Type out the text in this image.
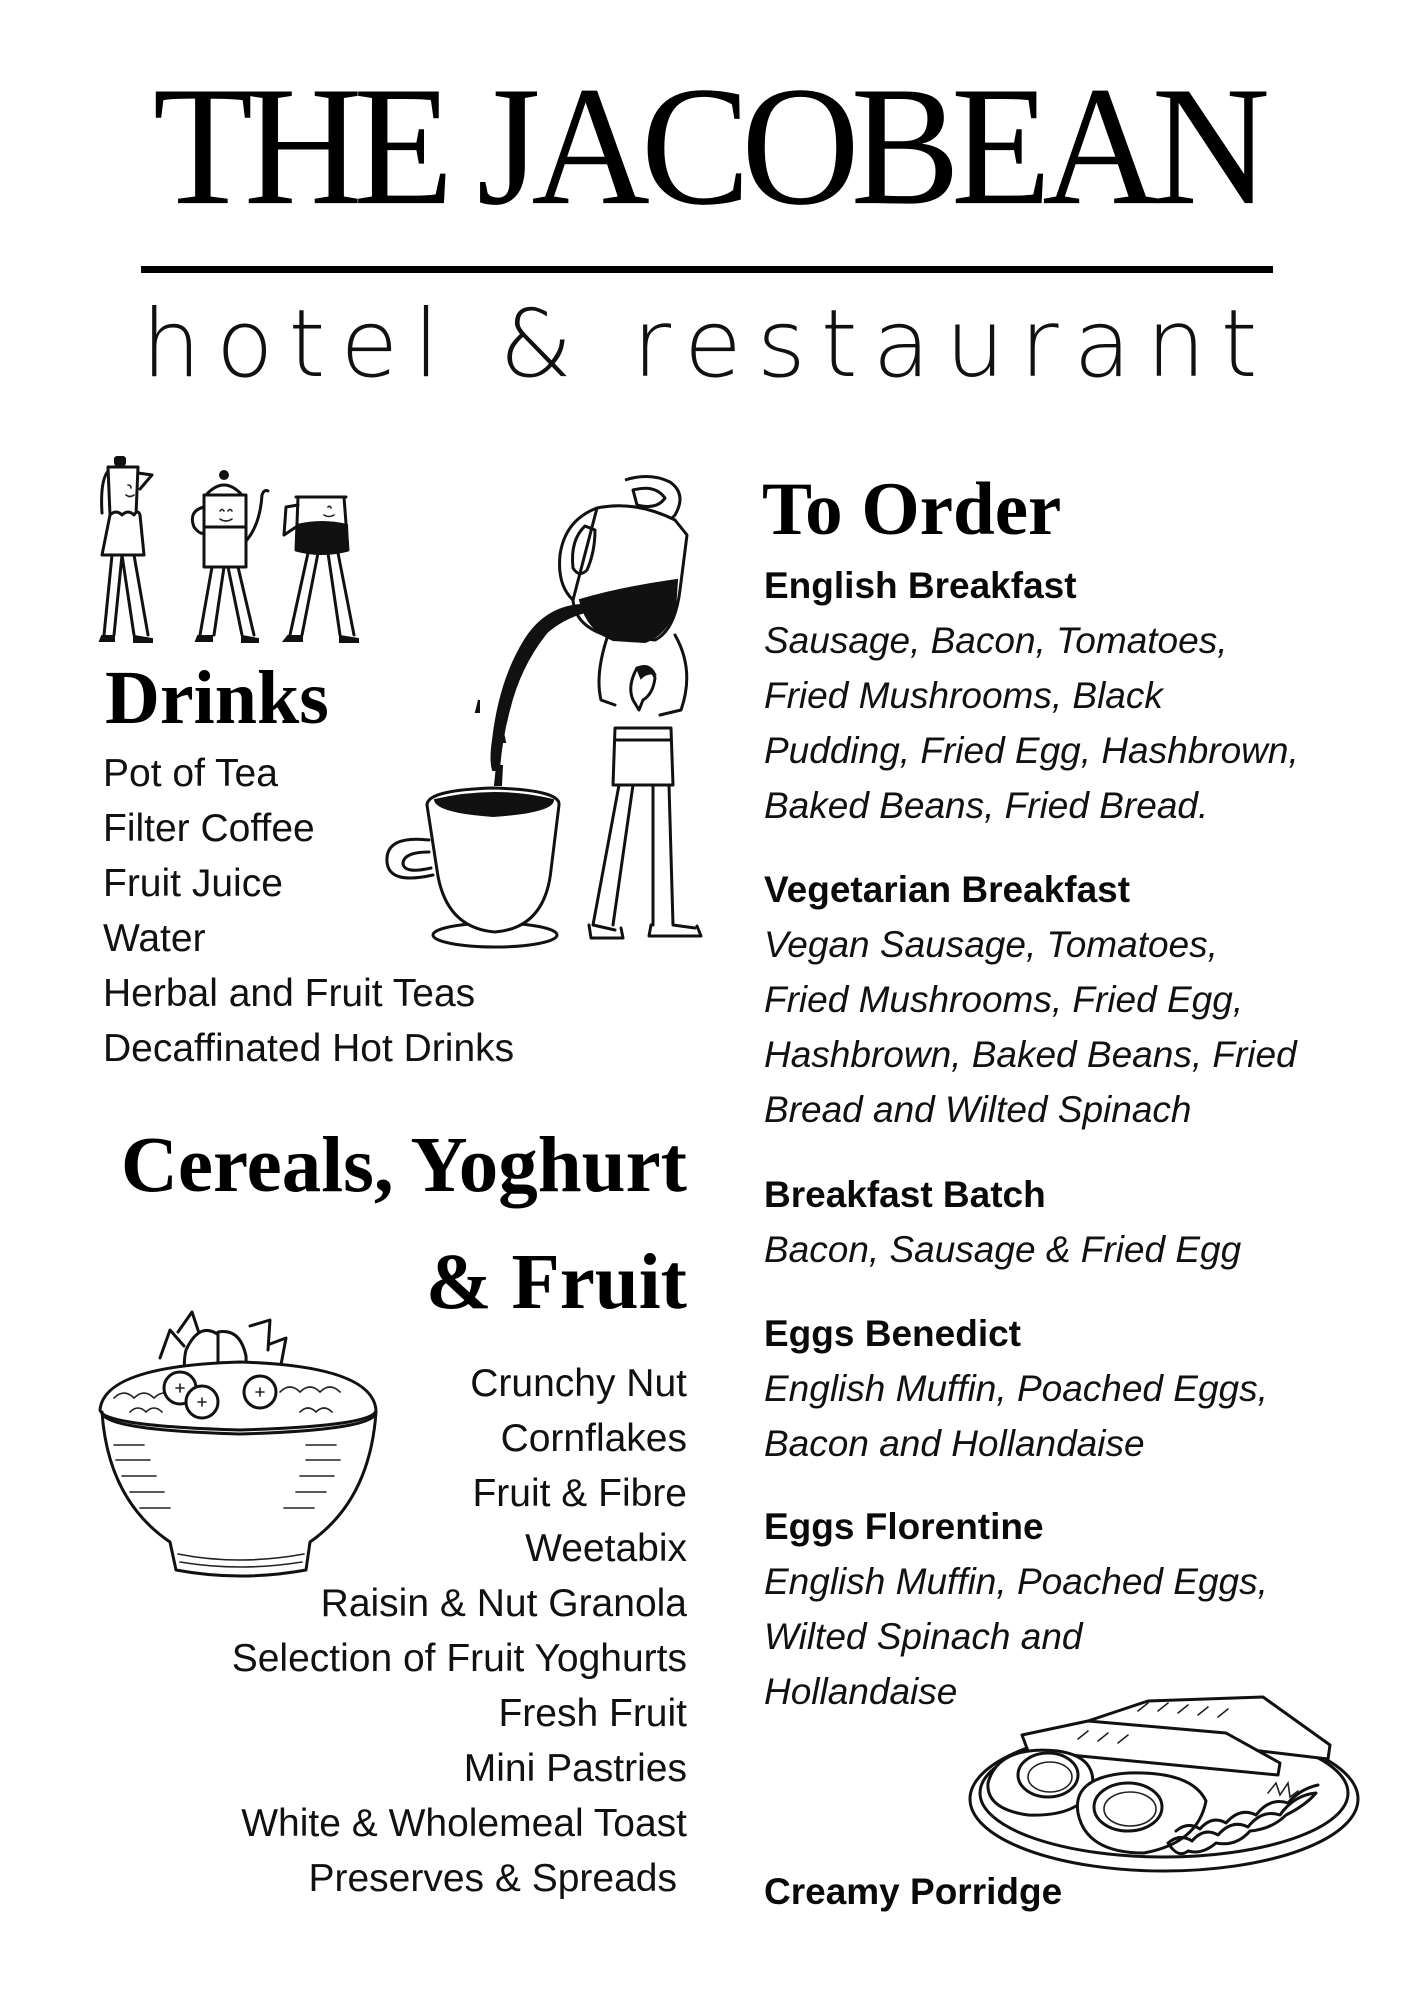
THE JACOBEAN
hotel & restaurant
Drinks
Pot of Tea
Filter Coffee
Fruit Juice
Water
Herbal and Fruit Teas
Decaffinated Hot Drinks
Cereals, Yoghurt
& Fruit
Crunchy Nut
Cornflakes
Fruit & Fibre
Weetabix
Raisin & Nut Granola
Selection of Fruit Yoghurts
Fresh Fruit
Mini Pastries
White & Wholemeal Toast
Preserves & Spreads
To Order
English Breakfast
Sausage, Bacon, Tomatoes,
Fried Mushrooms, Black
Pudding, Fried Egg, Hashbrown,
Baked Beans, Fried Bread.
Vegetarian Breakfast
Vegan Sausage, Tomatoes,
Fried Mushrooms, Fried Egg,
Hashbrown, Baked Beans, Fried
Bread and Wilted Spinach
Breakfast Batch
Bacon, Sausage & Fried Egg
Eggs Benedict
English Muffin, Poached Eggs,
Bacon and Hollandaise
Eggs Florentine
English Muffin, Poached Eggs,
Wilted Spinach and
Hollandaise
Creamy Porridge
